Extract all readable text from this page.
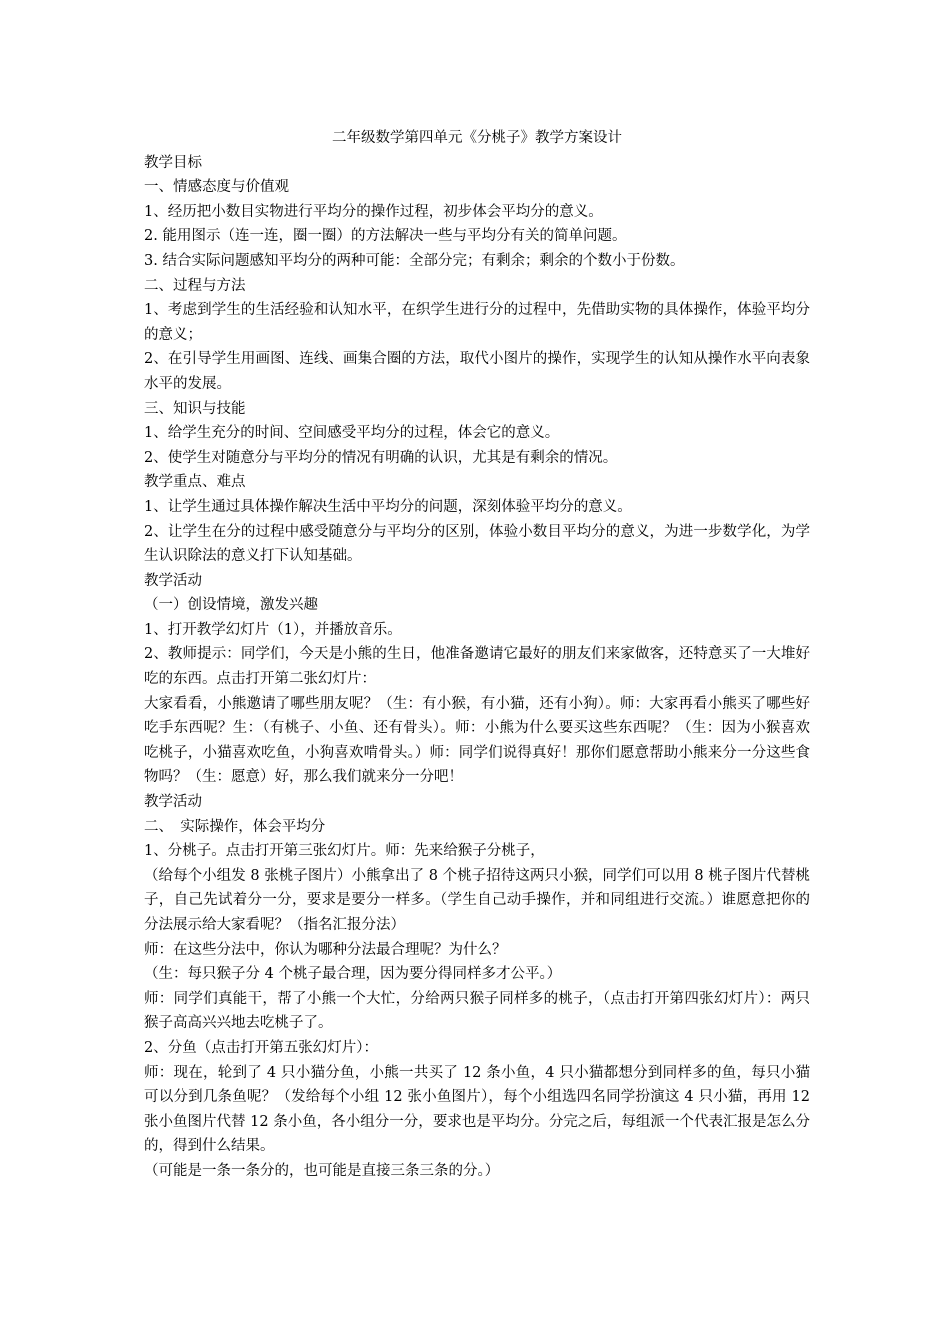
二年级数学第四单元《分桃子》教学方案设计

教学目标

一、情感态度与价值观

1、经历把小数目实物进行平均分的操作过程，初步体会平均分的意义。

2. 能用图示（连一连，圈一圈）的方法解决一些与平均分有关的简单问题。

3. 结合实际问题感知平均分的两种可能：全部分完；有剩余；剩余的个数小于份数。

二、过程与方法

1、考虑到学生的生活经验和认知水平，在织学生进行分的过程中，先借助实物的具体操作，体验平均分的意义；

2、在引导学生用画图、连线、画集合圈的方法，取代小图片的操作，实现学生的认知从操作水平向表象水平的发展。

三、知识与技能

1、给学生充分的时间、空间感受平均分的过程，体会它的意义。

2、使学生对随意分与平均分的情况有明确的认识，尤其是有剩余的情况。

教学重点、难点

1、让学生通过具体操作解决生活中平均分的问题，深刻体验平均分的意义。

2、让学生在分的过程中感受随意分与平均分的区别，体验小数目平均分的意义，为进一步数学化，为学生认识除法的意义打下认知基础。

教学活动

（一）创设情境，激发兴趣

1、打开教学幻灯片（1），并播放音乐。

2、教师提示：同学们，今天是小熊的生日，他准备邀请它最好的朋友们来家做客，还特意买了一大堆好吃的东西。点击打开第二张幻灯片：

大家看看，小熊邀请了哪些朋友呢？（生：有小猴，有小猫，还有小狗）。师：大家再看小熊买了哪些好吃手东西呢？生：（有桃子、小鱼、还有骨头）。师：小熊为什么要买这些东西呢？（生：因为小猴喜欢吃桃子，小猫喜欢吃鱼，小狗喜欢啃骨头。）师：同学们说得真好！那你们愿意帮助小熊来分一分这些食物吗？（生：愿意）好，那么我们就来分一分吧！

教学活动

二、　实际操作，体会平均分

1、分桃子。点击打开第三张幻灯片。师：先来给猴子分桃子，

（给每个小组发 8 张桃子图片）小熊拿出了 8 个桃子招待这两只小猴，同学们可以用 8 桃子图片代替桃子，自己先试着分一分，要求是要分一样多。（学生自己动手操作，并和同组进行交流。）谁愿意把你的分法展示给大家看呢？（指名汇报分法）

师：在这些分法中，你认为哪种分法最合理呢？为什么？

（生：每只猴子分 4 个桃子最合理，因为要分得同样多才公平。）

师：同学们真能干，帮了小熊一个大忙，分给两只猴子同样多的桃子，（点击打开第四张幻灯片）：两只猴子高高兴兴地去吃桃子了。

2、分鱼（点击打开第五张幻灯片）：

师：现在，轮到了 4 只小猫分鱼，小熊一共买了 12 条小鱼，4 只小猫都想分到同样多的鱼，每只小猫可以分到几条鱼呢？（发给每个小组 12 张小鱼图片），每个小组选四名同学扮演这 4 只小猫，再用 12 张小鱼图片代替 12 条小鱼，各小组分一分，要求也是平均分。分完之后，每组派一个代表汇报是怎么分的，得到什么结果。

（可能是一条一条分的，也可能是直接三条三条的分。）
